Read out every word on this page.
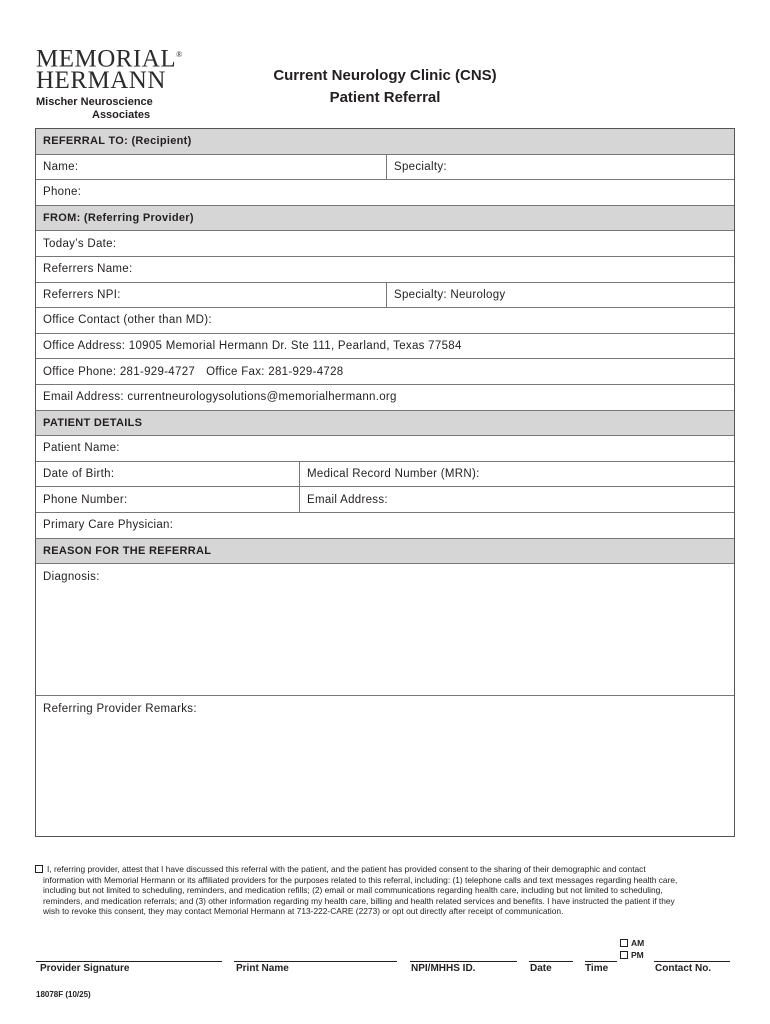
MEMORIAL®
HERMANN
Mischer Neuroscience
Associates
Current Neurology Clinic (CNS)
Patient Referral
REFERRAL TO: (Recipient)
Name:	Specialty:
Phone:
FROM: (Referring Provider)
Today’s Date:
Referrers Name:
Referrers NPI:	Specialty: Neurology
Office Contact (other than MD):
Office Address: 10905 Memorial Hermann Dr. Ste 111, Pearland, Texas 77584
Office Phone: 281-929-4727 Office Fax: 281-929-4728
Email Address: currentneurologysolutions@memorialhermann.org
PATIENT DETAILS
Patient Name:
Date of Birth:	Medical Record Number (MRN):
Phone Number:	Email Address:
Primary Care Physician:
REASON FOR THE REFERRAL
Diagnosis:
Referring Provider Remarks:
I, referring provider, attest that I have discussed this referral with the patient, and the patient has provided consent to the sharing of their demographic and contact
information with Memorial Hermann or its affiliated providers for the purposes related to this referral, including: (1) telephone calls and text messages regarding health care,
including but not limited to scheduling, reminders, and medication refills; (2) email or mail communications regarding health care, including but not limited to scheduling,
reminders, and medication referrals; and (3) other information regarding my health care, billing and health related services and benefits. I have instructed the patient if they
wish to revoke this consent, they may contact Memorial Hermann at 713-222-CARE (2273) or opt out directly after receipt of communication.
AM
PM
Provider Signature	Print Name	NPI/MHHS ID.	Date	Time	Contact No.
18078F (10/25)
